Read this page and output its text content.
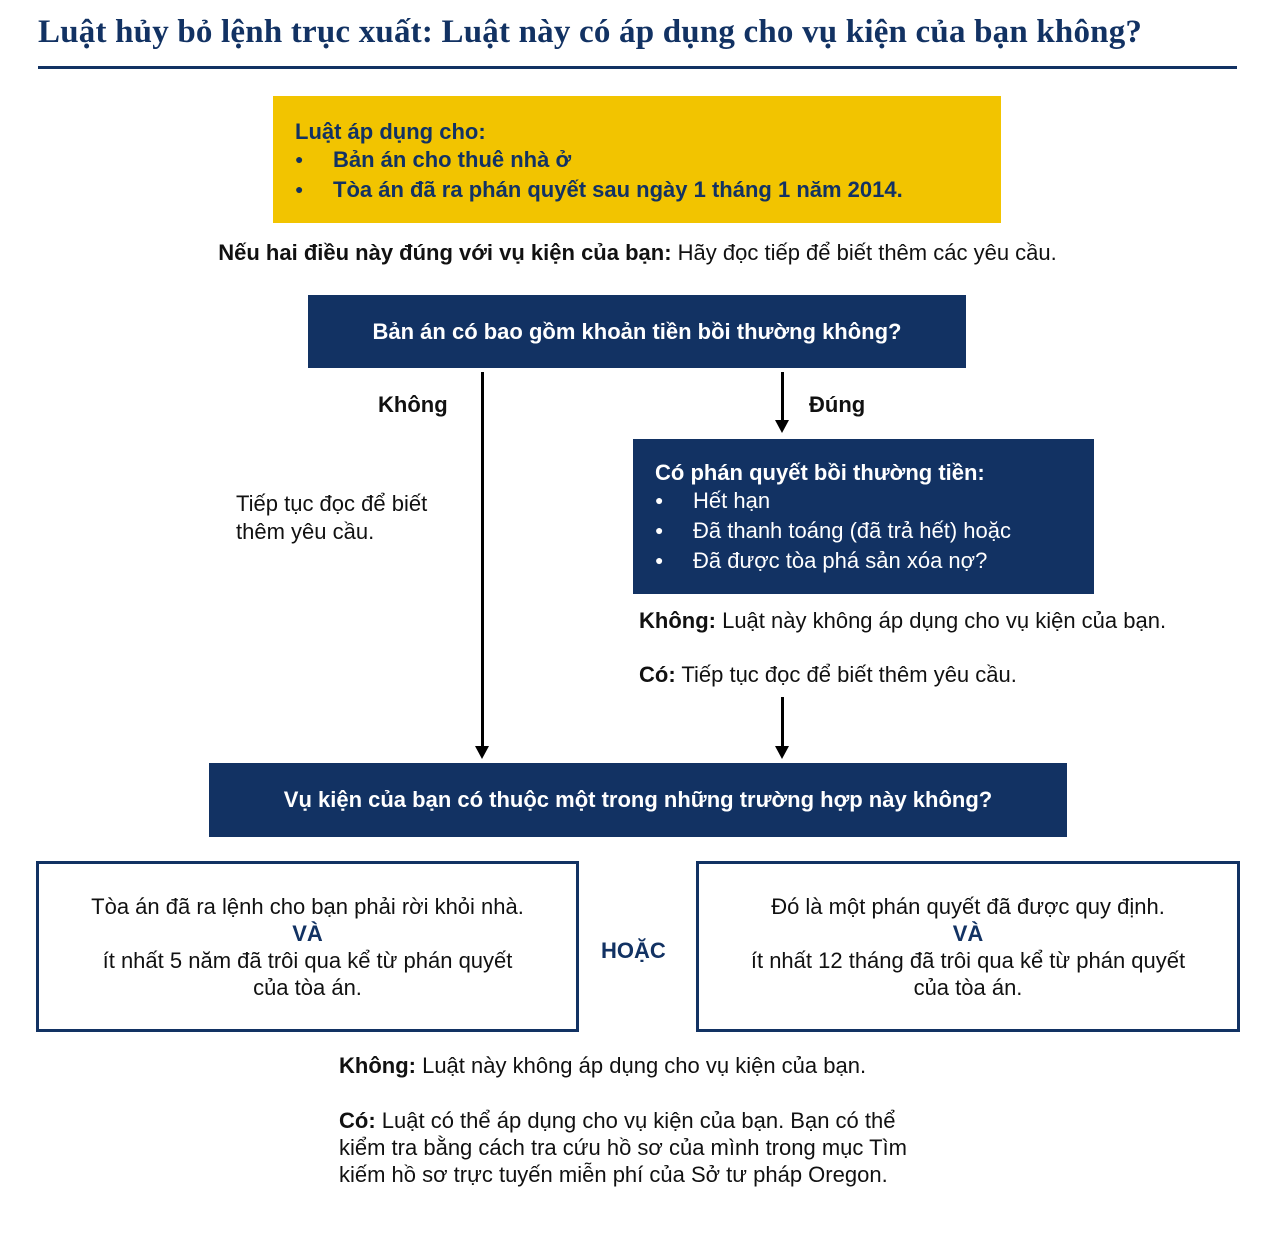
Luật hủy bỏ lệnh trục xuất: Luật này có áp dụng cho vụ kiện của bạn không?
Luật áp dụng cho:
●	Bản án cho thuê nhà ở
●	Tòa án đã ra phán quyết sau ngày 1 tháng 1 năm 2014.
Nếu hai điều này đúng với vụ kiện của bạn: Hãy đọc tiếp để biết thêm các yêu cầu.
Bản án có bao gồm khoản tiền bồi thường không?
Không
Tiếp tục đọc để biết
thêm yêu cầu.
Đúng
Có phán quyết bồi thường tiền:
●	Hết hạn
●	Đã thanh toáng (đã trả hết) hoặc
●	Đã được tòa phá sản xóa nợ?
Không: Luật này không áp dụng cho vụ kiện của bạn.
Có: Tiếp tục đọc để biết thêm yêu cầu.
Vụ kiện của bạn có thuộc một trong những trường hợp này không?
Tòa án đã ra lệnh cho bạn phải rời khỏi nhà.
VÀ
ít nhất 5 năm đã trôi qua kể từ phán quyết
của tòa án.
HOẶC
Đó là một phán quyết đã được quy định.
VÀ
ít nhất 12 tháng đã trôi qua kể từ phán quyết
của tòa án.
Không: Luật này không áp dụng cho vụ kiện của bạn.
Có: Luật có thể áp dụng cho vụ kiện của bạn. Bạn có thể kiểm tra bằng cách tra cứu hồ sơ của mình trong mục Tìm kiếm hồ sơ trực tuyến miễn phí của Sở tư pháp Oregon.
